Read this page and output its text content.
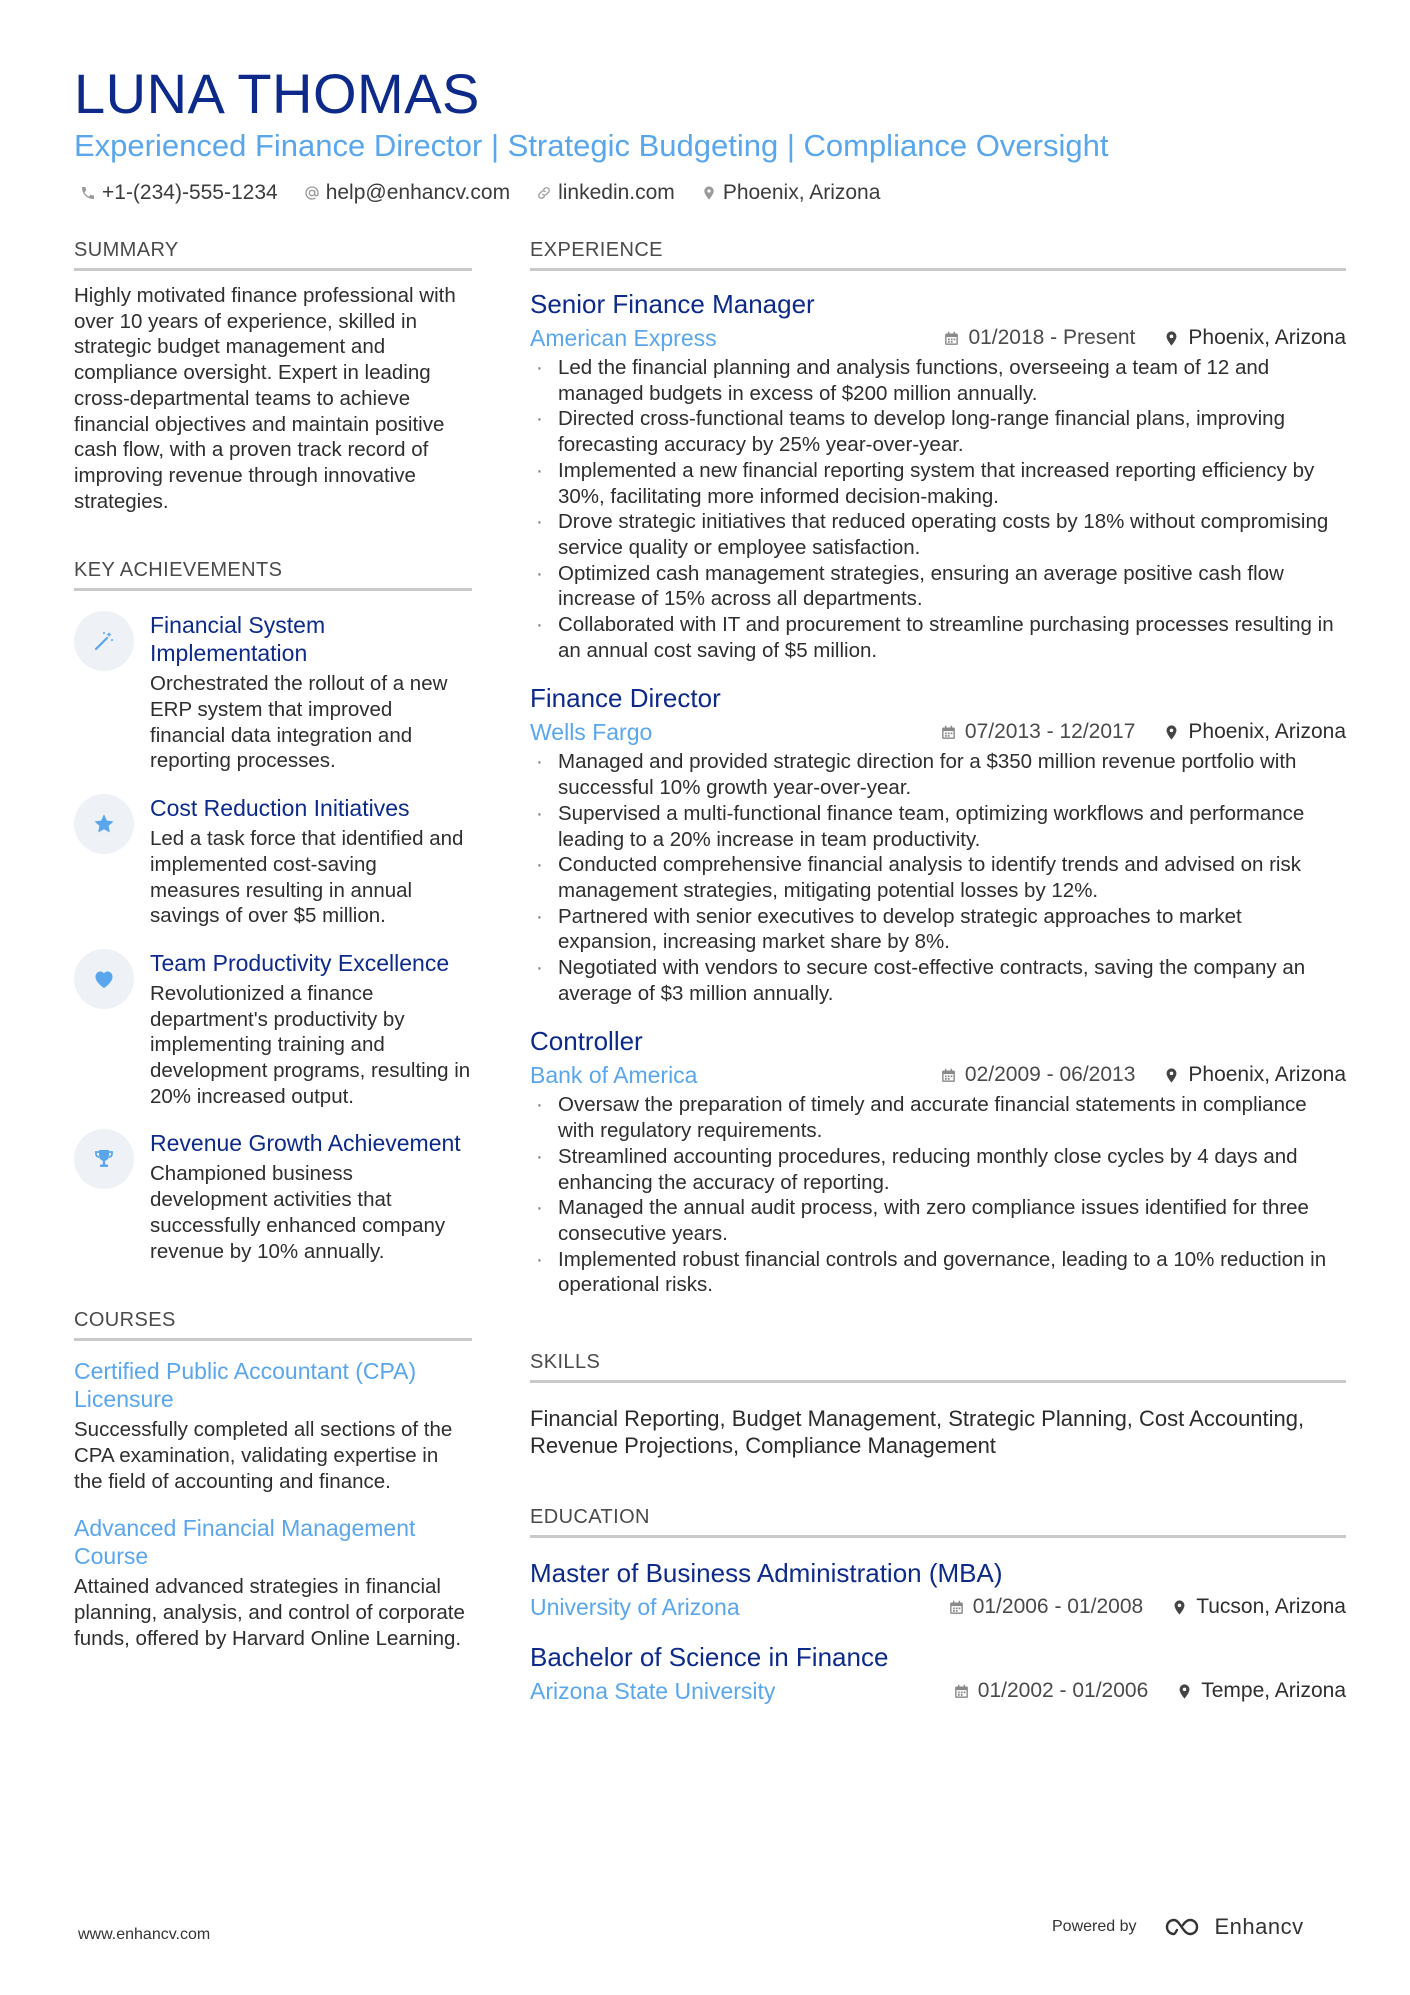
LUNA THOMAS
Experienced Finance Director | Strategic Budgeting | Compliance Oversight
+1-(234)-555-1234 help@enhancv.com linkedin.com Phoenix, Arizona
SUMMARY
Highly motivated finance professional with over 10 years of experience, skilled in strategic budget management and compliance oversight. Expert in leading cross-departmental teams to achieve financial objectives and maintain positive cash flow, with a proven track record of improving revenue through innovative strategies.
KEY ACHIEVEMENTS
Financial System Implementation
Orchestrated the rollout of a new ERP system that improved financial data integration and reporting processes.
Cost Reduction Initiatives
Led a task force that identified and implemented cost-saving measures resulting in annual savings of over $5 million.
Team Productivity Excellence
Revolutionized a finance department's productivity by implementing training and development programs, resulting in 20% increased output.
Revenue Growth Achievement
Championed business development activities that successfully enhanced company revenue by 10% annually.
COURSES
Certified Public Accountant (CPA) Licensure
Successfully completed all sections of the CPA examination, validating expertise in the field of accounting and finance.
Advanced Financial Management Course
Attained advanced strategies in financial planning, analysis, and control of corporate funds, offered by Harvard Online Learning.
EXPERIENCE
Senior Finance Manager
American Express	01/2018 - Present	Phoenix, Arizona
· Led the financial planning and analysis functions, overseeing a team of 12 and managed budgets in excess of $200 million annually.
· Directed cross-functional teams to develop long-range financial plans, improving forecasting accuracy by 25% year-over-year.
· Implemented a new financial reporting system that increased reporting efficiency by 30%, facilitating more informed decision-making.
· Drove strategic initiatives that reduced operating costs by 18% without compromising service quality or employee satisfaction.
· Optimized cash management strategies, ensuring an average positive cash flow increase of 15% across all departments.
· Collaborated with IT and procurement to streamline purchasing processes resulting in an annual cost saving of $5 million.
Finance Director
Wells Fargo	07/2013 - 12/2017	Phoenix, Arizona
· Managed and provided strategic direction for a $350 million revenue portfolio with successful 10% growth year-over-year.
· Supervised a multi-functional finance team, optimizing workflows and performance leading to a 20% increase in team productivity.
· Conducted comprehensive financial analysis to identify trends and advised on risk management strategies, mitigating potential losses by 12%.
· Partnered with senior executives to develop strategic approaches to market expansion, increasing market share by 8%.
· Negotiated with vendors to secure cost-effective contracts, saving the company an average of $3 million annually.
Controller
Bank of America	02/2009 - 06/2013	Phoenix, Arizona
· Oversaw the preparation of timely and accurate financial statements in compliance with regulatory requirements.
· Streamlined accounting procedures, reducing monthly close cycles by 4 days and enhancing the accuracy of reporting.
· Managed the annual audit process, with zero compliance issues identified for three consecutive years.
· Implemented robust financial controls and governance, leading to a 10% reduction in operational risks.
SKILLS
Financial Reporting, Budget Management, Strategic Planning, Cost Accounting, Revenue Projections, Compliance Management
EDUCATION
Master of Business Administration (MBA)
University of Arizona	01/2006 - 01/2008	Tucson, Arizona
Bachelor of Science in Finance
Arizona State University	01/2002 - 01/2006	Tempe, Arizona
www.enhancv.com	Powered by	Enhancv
